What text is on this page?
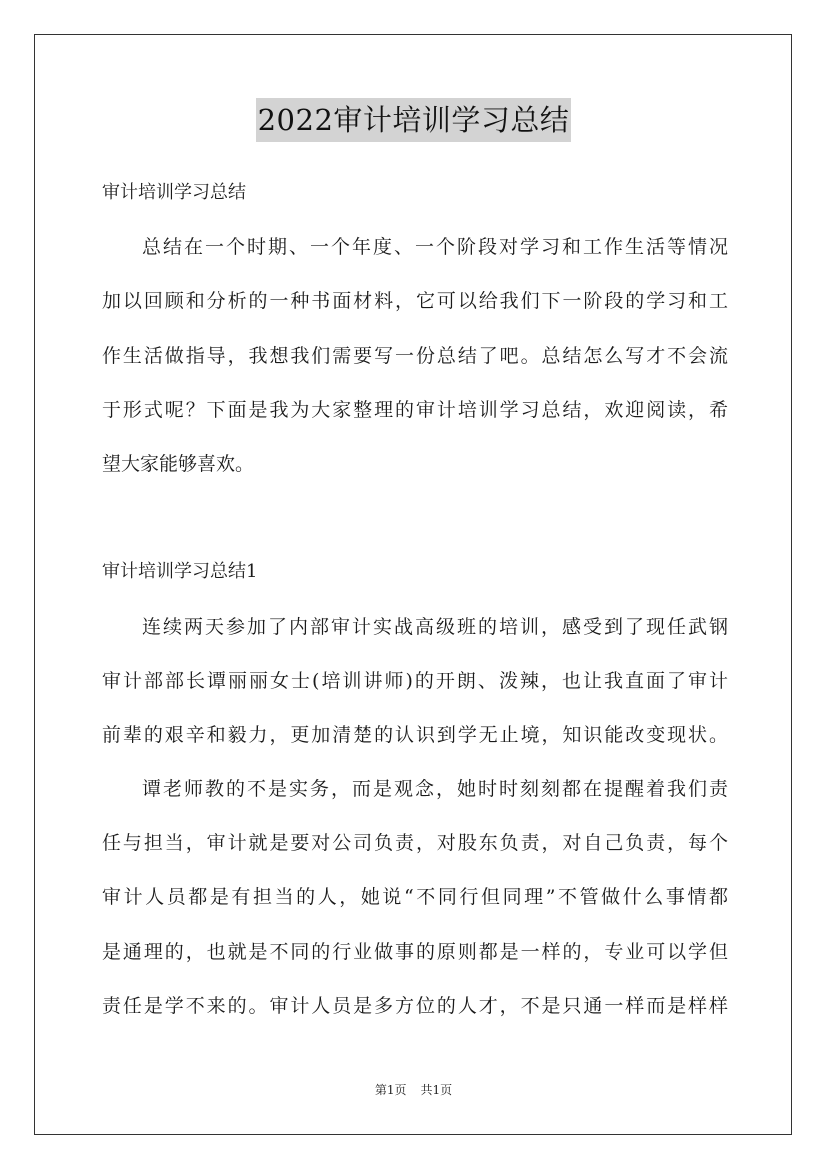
2022审计培训学习总结
审计培训学习总结
总结在一个时期、一个年度、一个阶段对学习和工作生活等情况
加以回顾和分析的一种书面材料，它可以给我们下一阶段的学习和工
作生活做指导，我想我们需要写一份总结了吧。总结怎么写才不会流
于形式呢？下面是我为大家整理的审计培训学习总结，欢迎阅读，希
望大家能够喜欢。
审计培训学习总结1
连续两天参加了内部审计实战高级班的培训，感受到了现任武钢
审计部部长谭丽丽女士(培训讲师)的开朗、泼辣，也让我直面了审计
前辈的艰辛和毅力，更加清楚的认识到学无止境，知识能改变现状。
谭老师教的不是实务，而是观念，她时时刻刻都在提醒着我们责
任与担当，审计就是要对公司负责，对股东负责，对自己负责，每个
审计人员都是有担当的人，她说“不同行但同理”不管做什么事情都
是通理的，也就是不同的行业做事的原则都是一样的，专业可以学但
责任是学不来的。审计人员是多方位的人才，不是只通一样而是样样
第1页 共1页
